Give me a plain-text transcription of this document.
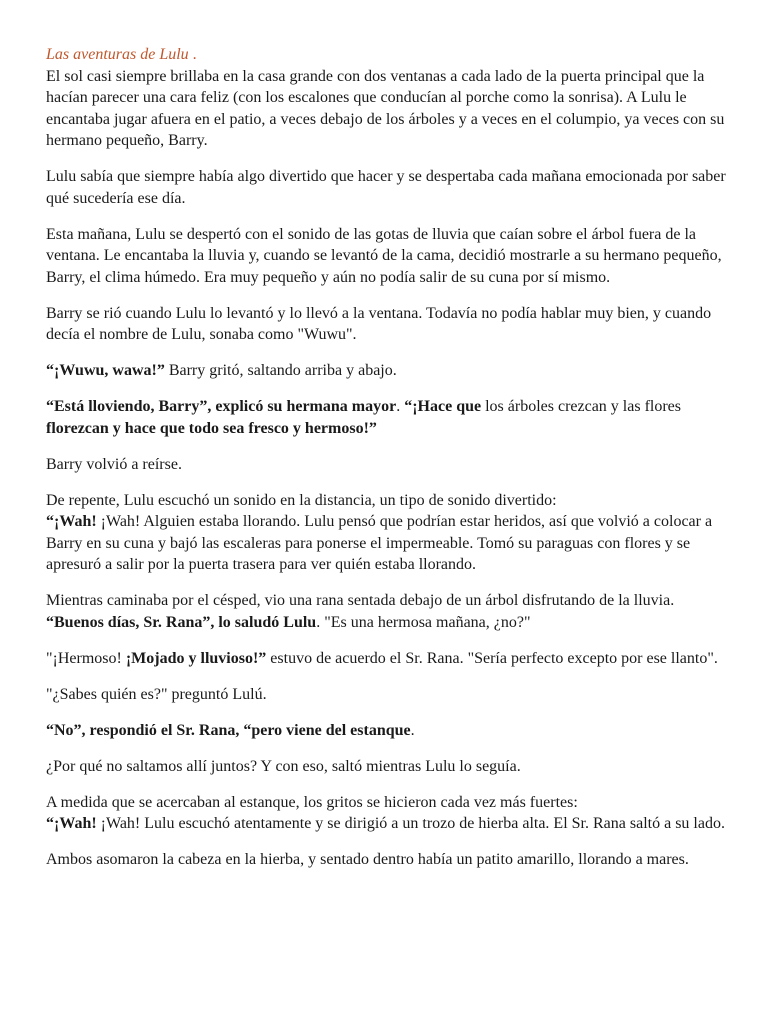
Las aventuras de Lulu .

El sol casi siempre brillaba en la casa grande con dos ventanas a cada lado de la puerta principal que la hacían parecer una cara feliz (con los escalones que conducían al porche como la sonrisa). A Lulu le encantaba jugar afuera en el patio, a veces debajo de los árboles y a veces en el columpio, ya veces con su hermano pequeño, Barry.

Lulu sabía que siempre había algo divertido que hacer y se despertaba cada mañana emocionada por saber qué sucedería ese día.

Esta mañana, Lulu se despertó con el sonido de las gotas de lluvia que caían sobre el árbol fuera de la ventana. Le encantaba la lluvia y, cuando se levantó de la cama, decidió mostrarle a su hermano pequeño, Barry, el clima húmedo. Era muy pequeño y aún no podía salir de su cuna por sí mismo.

Barry se rió cuando Lulu lo levantó y lo llevó a la ventana. Todavía no podía hablar muy bien, y cuando decía el nombre de Lulu, sonaba como "Wuwu".

“¡Wuwu, wawa!” Barry gritó, saltando arriba y abajo.

“Está lloviendo, Barry”, explicó su hermana mayor. “¡Hace que los árboles crezcan y las flores florezcan y hace que todo sea fresco y hermoso!”

Barry volvió a reírse.

De repente, Lulu escuchó un sonido en la distancia, un tipo de sonido divertido:
“¡Wah! ¡Wah! Alguien estaba llorando. Lulu pensó que podrían estar heridos, así que volvió a colocar a Barry en su cuna y bajó las escaleras para ponerse el impermeable. Tomó su paraguas con flores y se apresuró a salir por la puerta trasera para ver quién estaba llorando.

Mientras caminaba por el césped, vio una rana sentada debajo de un árbol disfrutando de la lluvia. “Buenos días, Sr. Rana”, lo saludó Lulu. "Es una hermosa mañana, ¿no?"

"¡Hermoso! ¡Mojado y lluvioso!” estuvo de acuerdo el Sr. Rana. "Sería perfecto excepto por ese llanto".

"¿Sabes quién es?" preguntó Lulú.

“No”, respondió el Sr. Rana, “pero viene del estanque.

¿Por qué no saltamos allí juntos? Y con eso, saltó mientras Lulu lo seguía.

A medida que se acercaban al estanque, los gritos se hicieron cada vez más fuertes:
“¡Wah! ¡Wah! Lulu escuchó atentamente y se dirigió a un trozo de hierba alta. El Sr. Rana saltó a su lado.

Ambos asomaron la cabeza en la hierba, y sentado dentro había un patito amarillo, llorando a mares.
